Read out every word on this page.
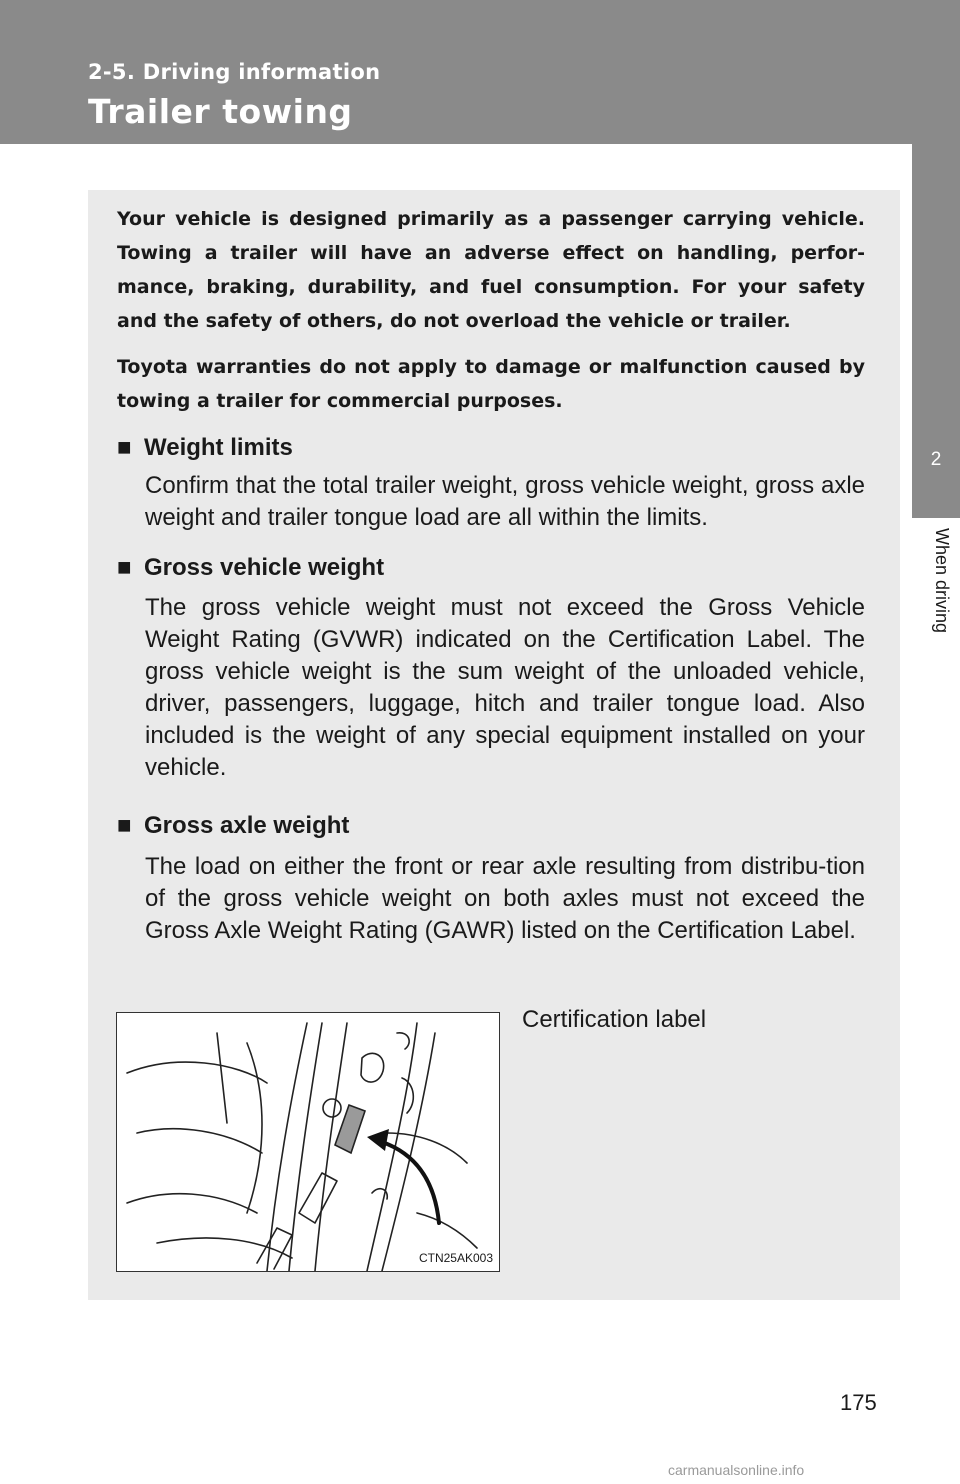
2-5. Driving information
Trailer towing
2
When driving

Your vehicle is designed primarily as a passenger carrying vehicle. Towing a trailer will have an adverse effect on handling, perfor-mance, braking, durability, and fuel consumption. For your safety and the safety of others, do not overload the vehicle or trailer.

Toyota warranties do not apply to damage or malfunction caused by towing a trailer for commercial purposes.

■ Weight limits

Confirm that the total trailer weight, gross vehicle weight, gross axle weight and trailer tongue load are all within the limits.

■ Gross vehicle weight

The gross vehicle weight must not exceed the Gross Vehicle Weight Rating (GVWR) indicated on the Certification Label. The gross vehicle weight is the sum weight of the unloaded vehicle, driver, passengers, luggage, hitch and trailer tongue load. Also included is the weight of any special equipment installed on your vehicle.

■ Gross axle weight

The load on either the front or rear axle resulting from distribu-tion of the gross vehicle weight on both axles must not exceed the Gross Axle Weight Rating (GAWR) listed on the Certification Label.

CTN25AK003
Certification label
175
carmanualsonline.info
